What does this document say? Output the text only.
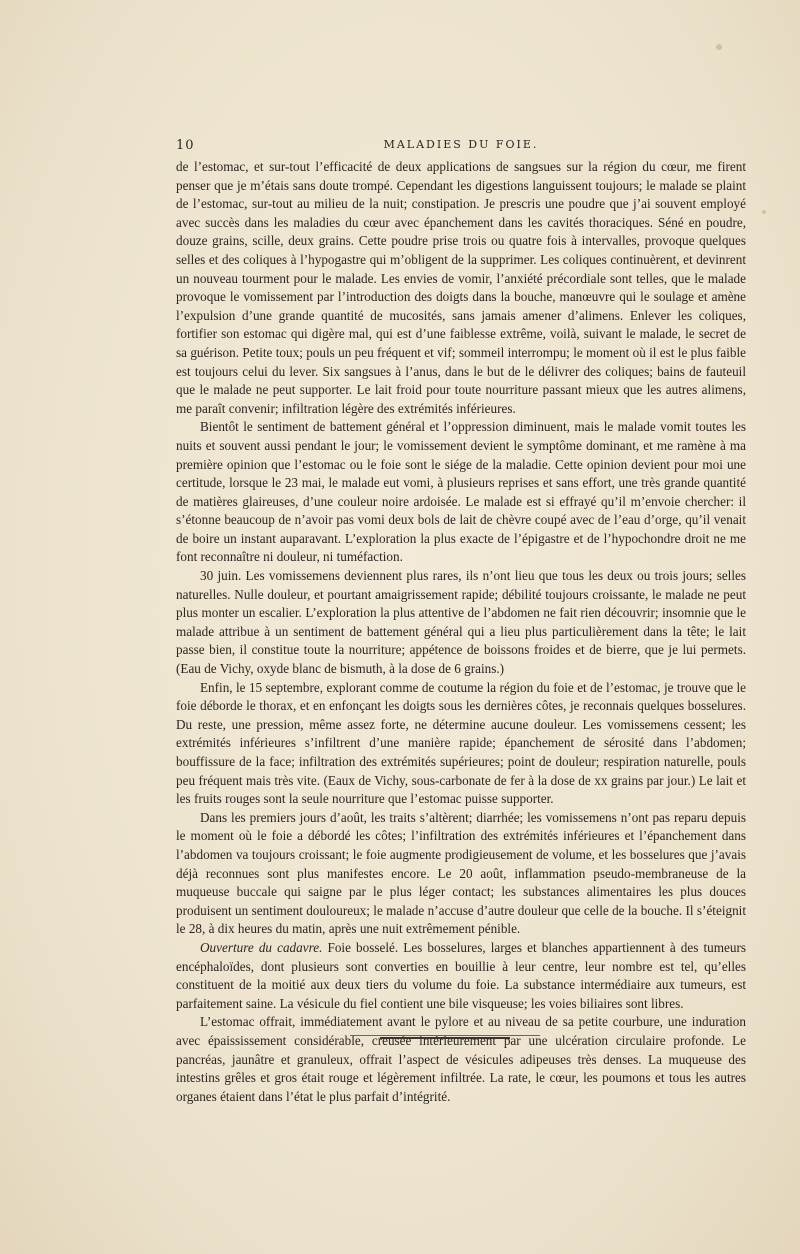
10	MALADIES DU FOIE.

de l’estomac, et sur-tout l’efficacité de deux applications de sangsues sur la région du cœur, me firent penser que je m’étais sans doute trompé. Cependant les digestions languissent toujours; le malade se plaint de l’estomac, sur-tout au milieu de la nuit; constipation. Je prescris une poudre que j’ai souvent employé avec succès dans les maladies du cœur avec épanchement dans les cavités thoraciques. Séné en poudre, douze grains, scille, deux grains. Cette poudre prise trois ou quatre fois à intervalles, provoque quelques selles et des coliques à l’hypogastre qui m’obligent de la supprimer. Les coliques continuèrent, et devinrent un nouveau tourment pour le malade. Les envies de vomir, l’anxiété précordiale sont telles, que le malade provoque le vomissement par l’introduction des doigts dans la bouche, manœuvre qui le soulage et amène l’expulsion d’une grande quantité de mucosités, sans jamais amener d’alimens. Enlever les coliques, fortifier son estomac qui digère mal, qui est d’une faiblesse extrême, voilà, suivant le malade, le secret de sa guérison. Petite toux; pouls un peu fréquent et vif; sommeil interrompu; le moment où il est le plus faible est toujours celui du lever. Six sangsues à l’anus, dans le but de le délivrer des coliques; bains de fauteuil que le malade ne peut supporter. Le lait froid pour toute nourriture passant mieux que les autres alimens, me paraît convenir; infiltration légère des extrémités inférieures.

Bientôt le sentiment de battement général et l’oppression diminuent, mais le malade vomit toutes les nuits et souvent aussi pendant le jour; le vomissement devient le symptôme dominant, et me ramène à ma première opinion que l’estomac ou le foie sont le siége de la maladie. Cette opinion devient pour moi une certitude, lorsque le 23 mai, le malade eut vomi, à plusieurs reprises et sans effort, une très grande quantité de matières glaireuses, d’une couleur noire ardoisée. Le malade est si effrayé qu’il m’envoie chercher: il s’étonne beaucoup de n’avoir pas vomi deux bols de lait de chèvre coupé avec de l’eau d’orge, qu’il venait de boire un instant auparavant. L’exploration la plus exacte de l’épigastre et de l’hypochondre droit ne me font reconnaître ni douleur, ni tuméfaction.

30 juin. Les vomissemens deviennent plus rares, ils n’ont lieu que tous les deux ou trois jours; selles naturelles. Nulle douleur, et pourtant amaigrissement rapide; débilité toujours croissante, le malade ne peut plus monter un escalier. L’exploration la plus attentive de l’abdomen ne fait rien découvrir; insomnie que le malade attribue à un sentiment de battement général qui a lieu plus particulièrement dans la tête; le lait passe bien, il constitue toute la nourriture; appétence de boissons froides et de bierre, que je lui permets. (Eau de Vichy, oxyde blanc de bismuth, à la dose de 6 grains.)

Enfin, le 15 septembre, explorant comme de coutume la région du foie et de l’estomac, je trouve que le foie déborde le thorax, et en enfonçant les doigts sous les dernières côtes, je reconnais quelques bosselures. Du reste, une pression, même assez forte, ne détermine aucune douleur. Les vomissemens cessent; les extrémités inférieures s’infiltrent d’une manière rapide; épanchement de sérosité dans l’abdomen; bouffissure de la face; infiltration des extrémités supérieures; point de douleur; respiration naturelle, pouls peu fréquent mais très vite. (Eaux de Vichy, sous-carbonate de fer à la dose de xx grains par jour.) Le lait et les fruits rouges sont la seule nourriture que l’estomac puisse supporter.

Dans les premiers jours d’août, les traits s’altèrent; diarrhée; les vomissemens n’ont pas reparu depuis le moment où le foie a débordé les côtes; l’infiltration des extrémités inférieures et l’épanchement dans l’abdomen va toujours croissant; le foie augmente prodigieusement de volume, et les bosselures que j’avais déjà reconnues sont plus manifestes encore. Le 20 août, inflammation pseudo-membraneuse de la muqueuse buccale qui saigne par le plus léger contact; les substances alimentaires les plus douces produisent un sentiment douloureux; le malade n’accuse d’autre douleur que celle de la bouche. Il s’éteignit le 28, à dix heures du matin, après une nuit extrêmement pénible.

Ouverture du cadavre. Foie bosselé. Les bosselures, larges et blanches appartiennent à des tumeurs encéphaloïdes, dont plusieurs sont converties en bouillie à leur centre, leur nombre est tel, qu’elles constituent de la moitié aux deux tiers du volume du foie. La substance intermédiaire aux tumeurs, est parfaitement saine. La vésicule du fiel contient une bile visqueuse; les voies biliaires sont libres.

L’estomac offrait, immédiatement avant le pylore et au niveau de sa petite courbure, une induration avec épaississement considérable, creusée intérieurement par une ulcération circulaire profonde. Le pancréas, jaunâtre et granuleux, offrait l’aspect de vésicules adipeuses très denses. La muqueuse des intestins grêles et gros était rouge et légèrement infiltrée. La rate, le cœur, les poumons et tous les autres organes étaient dans l’état le plus parfait d’intégrité.
